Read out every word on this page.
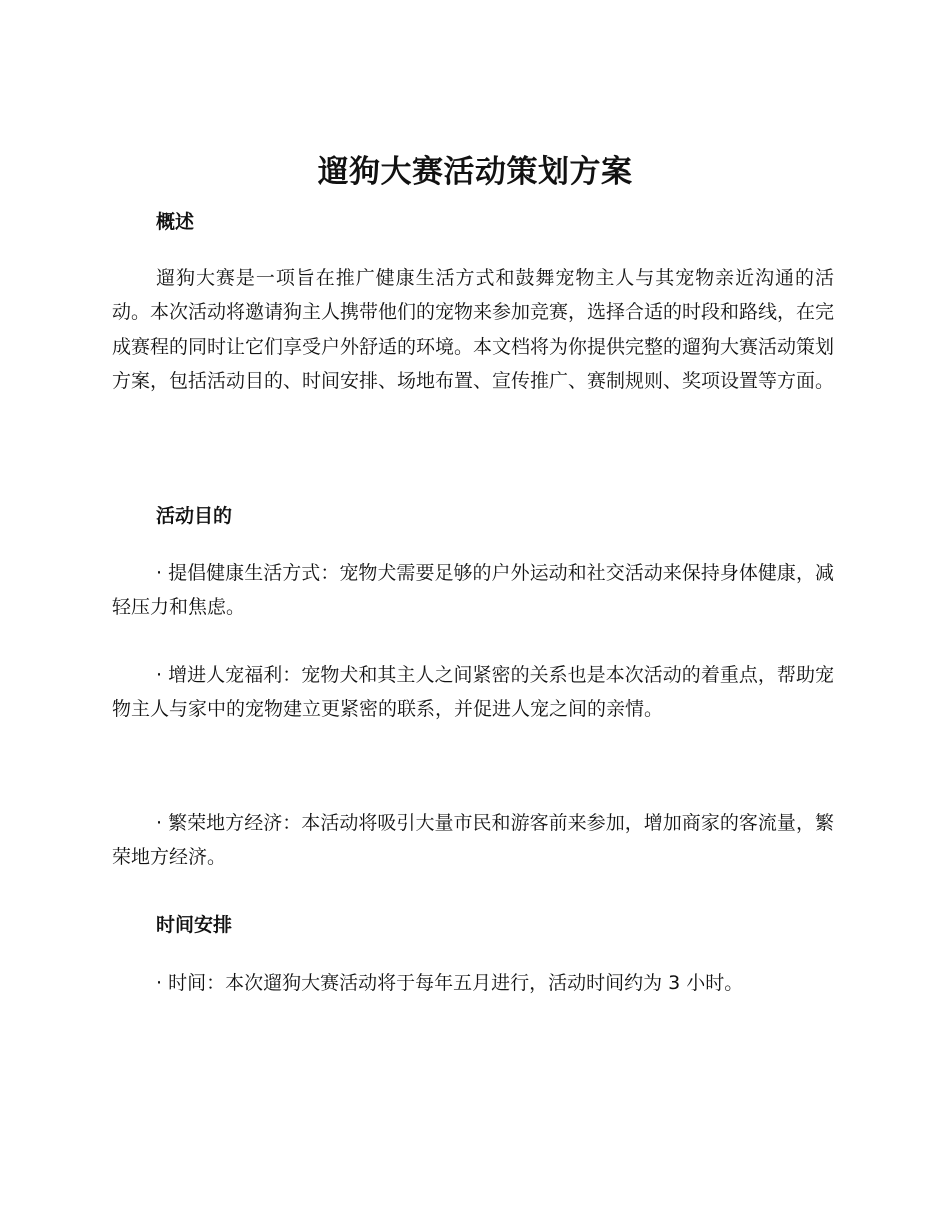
遛狗大赛活动策划方案
概述

遛狗大赛是一项旨在推广健康生活方式和鼓舞宠物主人与其宠物亲近沟通的活动。本次活动将邀请狗主人携带他们的宠物来参加竞赛，选择合适的时段和路线，在完成赛程的同时让它们享受户外舒适的环境。本文档将为你提供完整的遛狗大赛活动策划方案，包括活动目的、时间安排、场地布置、宣传推广、赛制规则、奖项设置等方面。

活动目的

· 提倡健康生活方式：宠物犬需要足够的户外运动和社交活动来保持身体健康，减轻压力和焦虑。

· 增进人宠福利：宠物犬和其主人之间紧密的关系也是本次活动的着重点，帮助宠物主人与家中的宠物建立更紧密的联系，并促进人宠之间的亲情。

· 繁荣地方经济：本活动将吸引大量市民和游客前来参加，增加商家的客流量，繁荣地方经济。

时间安排

· 时间：本次遛狗大赛活动将于每年五月进行，活动时间约为 3 小时。
